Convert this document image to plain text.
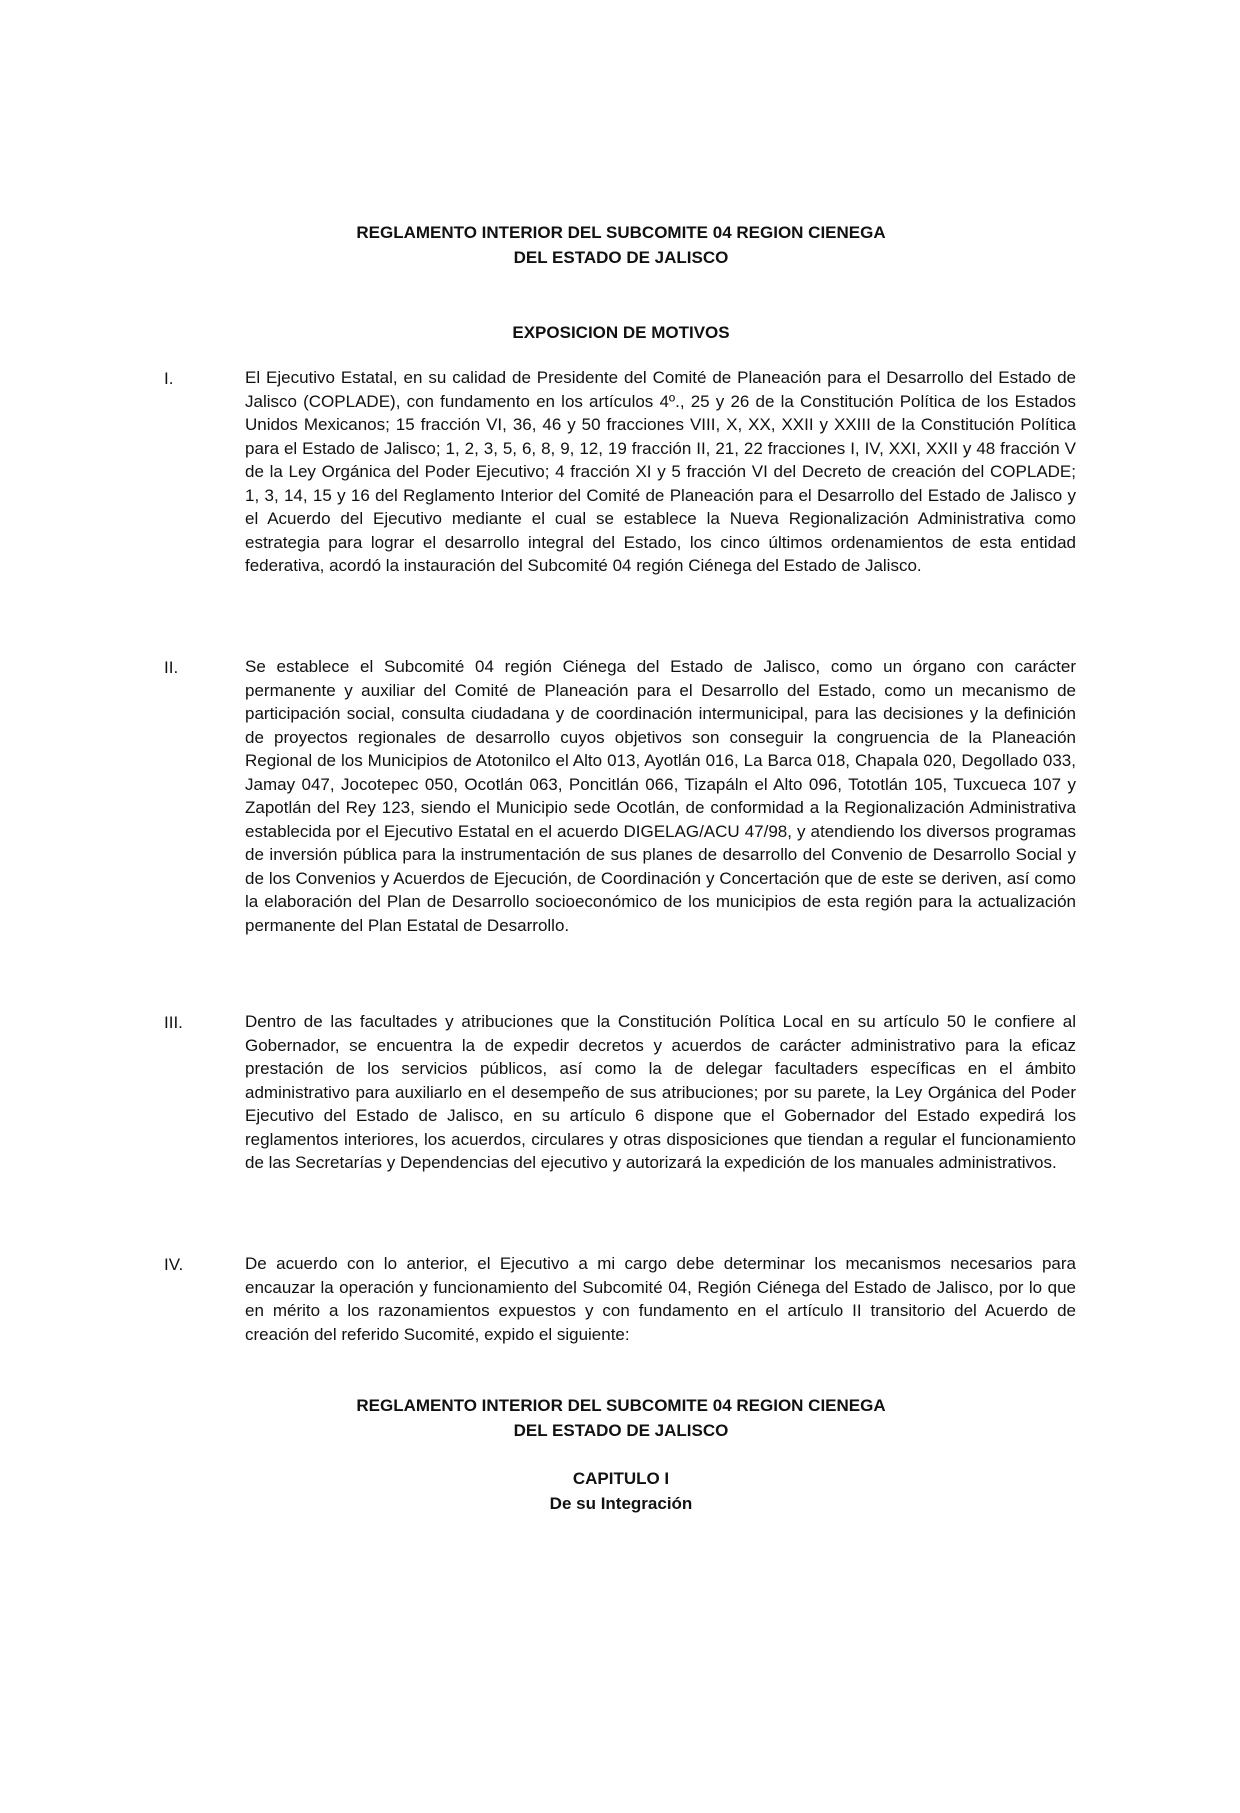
REGLAMENTO INTERIOR DEL SUBCOMITE 04 REGION CIENEGA
DEL ESTADO DE JALISCO
EXPOSICION DE MOTIVOS
I.	El Ejecutivo Estatal, en su calidad de Presidente del Comité de Planeación para el Desarrollo del Estado de Jalisco (COPLADE), con fundamento en los artículos 4º., 25 y 26 de la Constitución Política de los Estados Unidos Mexicanos; 15 fracción VI, 36, 46 y 50 fracciones VIII, X, XX, XXII y XXIII de la Constitución Política para el Estado de Jalisco; 1, 2, 3, 5, 6, 8, 9, 12, 19 fracción II, 21, 22 fracciones I, IV, XXI, XXII y 48 fracción V de la Ley Orgánica del Poder Ejecutivo; 4 fracción XI y 5 fracción VI del Decreto de creación del COPLADE; 1, 3, 14, 15 y 16 del Reglamento Interior del Comité de Planeación para el Desarrollo del Estado de Jalisco y el Acuerdo del Ejecutivo mediante el cual se establece la Nueva Regionalización Administrativa como estrategia para lograr el desarrollo integral del Estado, los cinco últimos ordenamientos de esta entidad federativa, acordó la instauración del Subcomité 04 región Ciénega del Estado de Jalisco.

II.	Se establece el Subcomité 04 región Ciénega del Estado de Jalisco, como un órgano con carácter permanente y auxiliar del Comité de Planeación para el Desarrollo del Estado, como un mecanismo de participación social, consulta ciudadana y de coordinación intermunicipal, para las decisiones y la definición de proyectos regionales de desarrollo cuyos objetivos son conseguir la congruencia de la Planeación Regional de los Municipios de Atotonilco el Alto 013, Ayotlán 016, La Barca 018, Chapala 020, Degollado 033, Jamay 047, Jocotepec 050, Ocotlán 063, Poncitlán 066, Tizapáln el Alto 096, Tototlán 105, Tuxcueca 107 y Zapotlán del Rey 123, siendo el Municipio sede Ocotlán, de conformidad a la Regionalización Administrativa establecida por el Ejecutivo Estatal en el acuerdo DIGELAG/ACU 47/98, y atendiendo los diversos programas de inversión pública para la instrumentación de sus planes de desarrollo del Convenio de Desarrollo Social y de los Convenios y Acuerdos de Ejecución, de Coordinación y Concertación que de este se deriven, así como la elaboración del Plan de Desarrollo socioeconómico de los municipios de esta región para la actualización permanente del Plan Estatal de Desarrollo.

III.	Dentro de las facultades y atribuciones que la Constitución Política Local en su artículo 50 le confiere al Gobernador, se encuentra la de expedir decretos y acuerdos de carácter administrativo para la eficaz prestación de los servicios públicos, así como la de delegar facultaders específicas en el ámbito administrativo para auxiliarlo en el desempeño de sus atribuciones; por su parete, la Ley Orgánica del Poder Ejecutivo del Estado de Jalisco, en su artículo 6 dispone que el Gobernador del Estado expedirá los reglamentos interiores, los acuerdos, circulares y otras disposiciones que tiendan a regular el funcionamiento de las Secretarías y Dependencias del ejecutivo y autorizará la expedición de los manuales administrativos.

IV.	De acuerdo con lo anterior, el Ejecutivo a mi cargo debe determinar los mecanismos necesarios para encauzar la operación y funcionamiento del Subcomité 04, Región Ciénega del Estado de Jalisco, por lo que en mérito a los razonamientos expuestos y con fundamento en el artículo II transitorio del Acuerdo de creación del referido Sucomité, expido el siguiente:

REGLAMENTO INTERIOR DEL SUBCOMITE 04 REGION CIENEGA
DEL ESTADO DE JALISCO
CAPITULO I
De su Integración
